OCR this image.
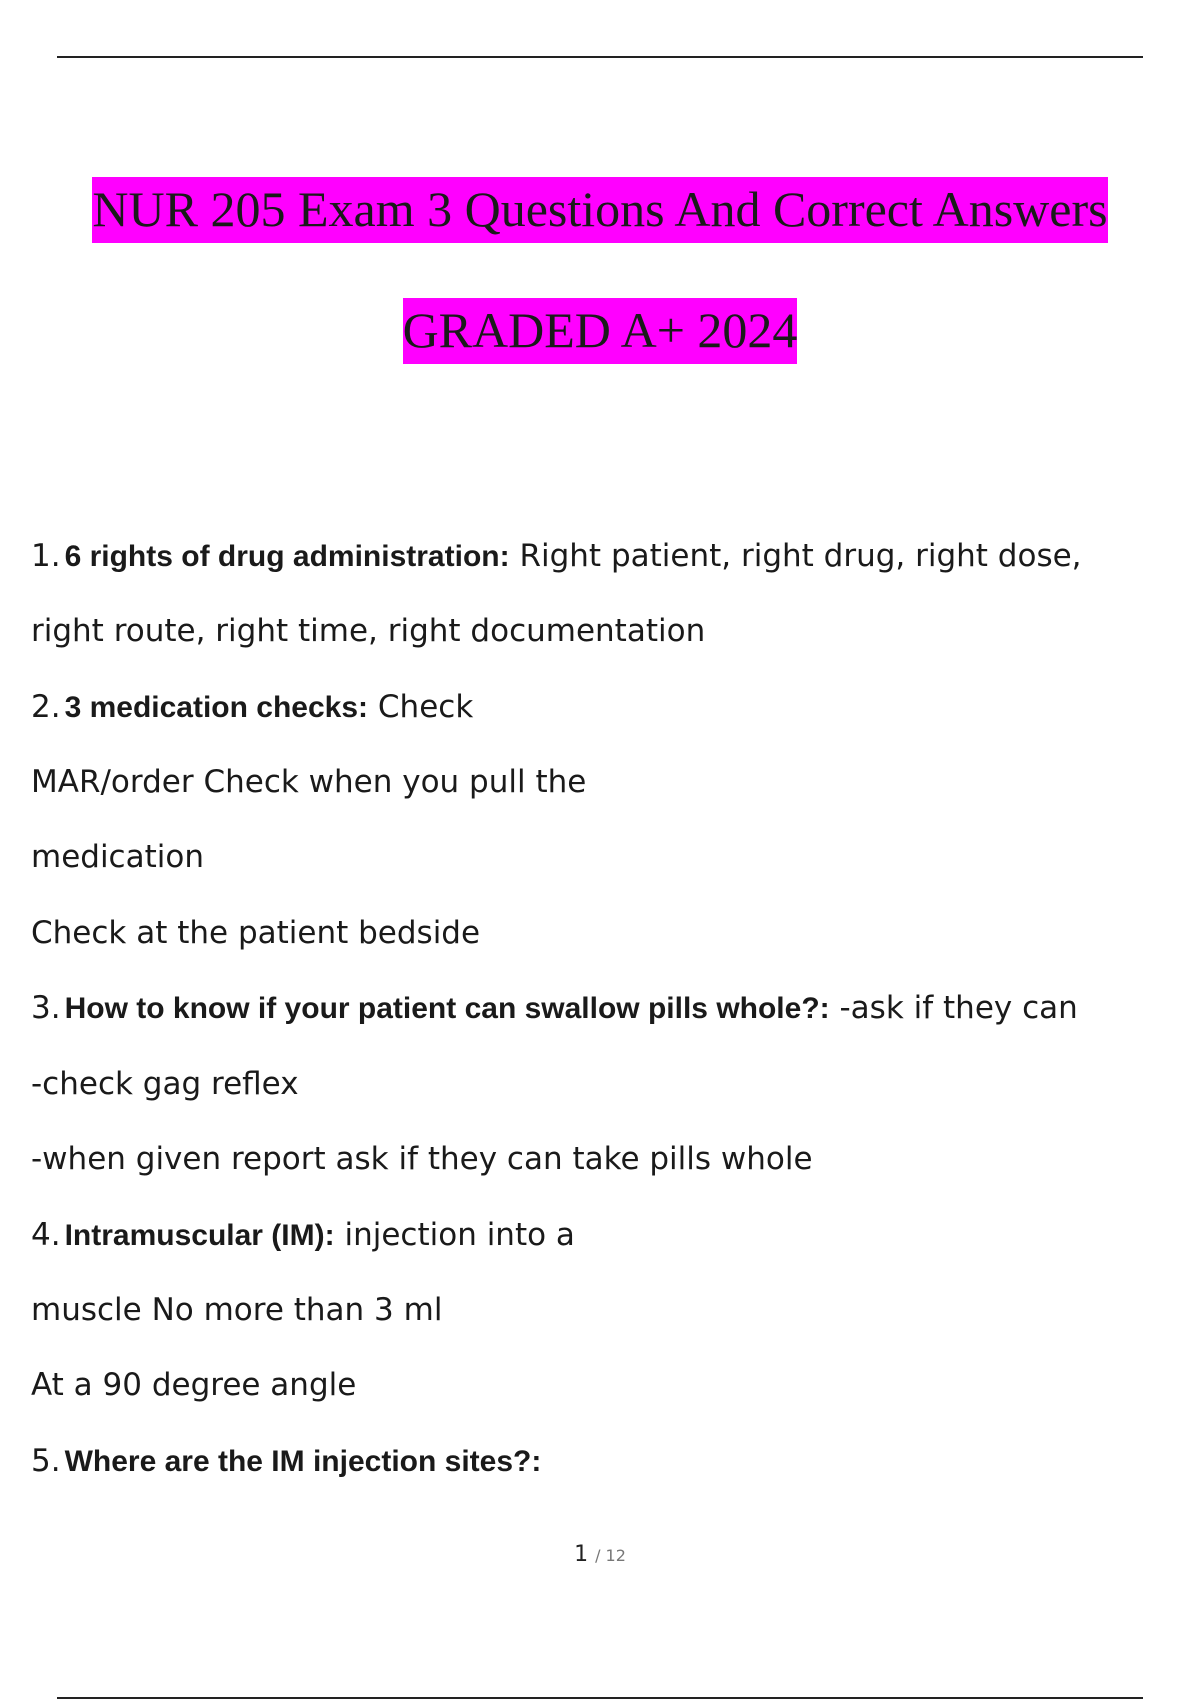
NUR 205 Exam 3 Questions And Correct Answers
GRADED A+ 2024
1. 6 rights of drug administration: Right patient, right drug, right dose,
right route, right time, right documentation
2. 3 medication checks: Check
MAR/order Check when you pull the
medication
Check at the patient bedside
3. How to know if your patient can swallow pills whole?: -ask if they can
-check gag reflex
-when given report ask if they can take pills whole
4. Intramuscular (IM): injection into a
muscle No more than 3 ml
At a 90 degree angle
5. Where are the IM injection sites?:
1 / 12
